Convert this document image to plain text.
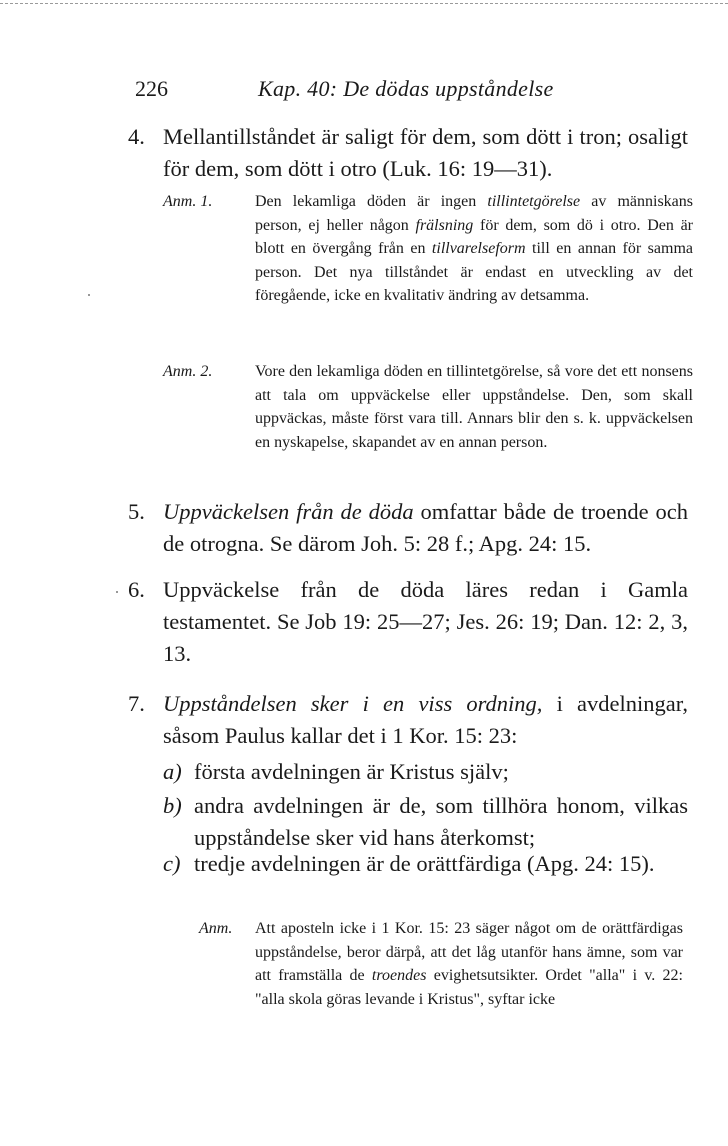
226	Kap. 40: De dödas uppståndelse
4. Mellantillståndet är saligt för dem, som dött i tron; osaligt för dem, som dött i otro (Luk. 16: 19—31).
Anm. 1.	Den lekamliga döden är ingen tillintetgörelse av människans person, ej heller någon frälsning för dem, som dö i otro. Den är blott en övergång från en tillvarelseform till en annan för samma person. Det nya tillståndet är endast en utveckling av det föregående, icke en kvalitativ ändring av detsamma.
Anm. 2.	Vore den lekamliga döden en tillintetgörelse, så vore det ett nonsens att tala om uppväckelse eller uppståndelse. Den, som skall uppväckas, måste först vara till. Annars blir den s. k. uppväckelsen en nyskapelse, skapandet av en annan person.
5. Uppväckelsen från de döda omfattar både de troende och de otrogna. Se därom Joh. 5: 28 f.; Apg. 24: 15.
6. Uppväckelse från de döda läres redan i Gamla testamentet. Se Job 19: 25—27; Jes. 26: 19; Dan. 12: 2, 3, 13.
7. Uppståndelsen sker i en viss ordning, i avdelningar, såsom Paulus kallar det i 1 Kor. 15: 23:
a) första avdelningen är Kristus själv;
b) andra avdelningen är de, som tillhöra honom, vilkas uppståndelse sker vid hans återkomst;
c) tredje avdelningen är de orättfärdiga (Apg. 24: 15).
Anm. Att aposteln icke i 1 Kor. 15: 23 säger något om de orättfärdigas uppståndelse, beror därpå, att det låg utanför hans ämne, som var att framställa de troendes evighetsutsikter. Ordet "alla" i v. 22: "alla skola göras levande i Kristus", syftar icke
